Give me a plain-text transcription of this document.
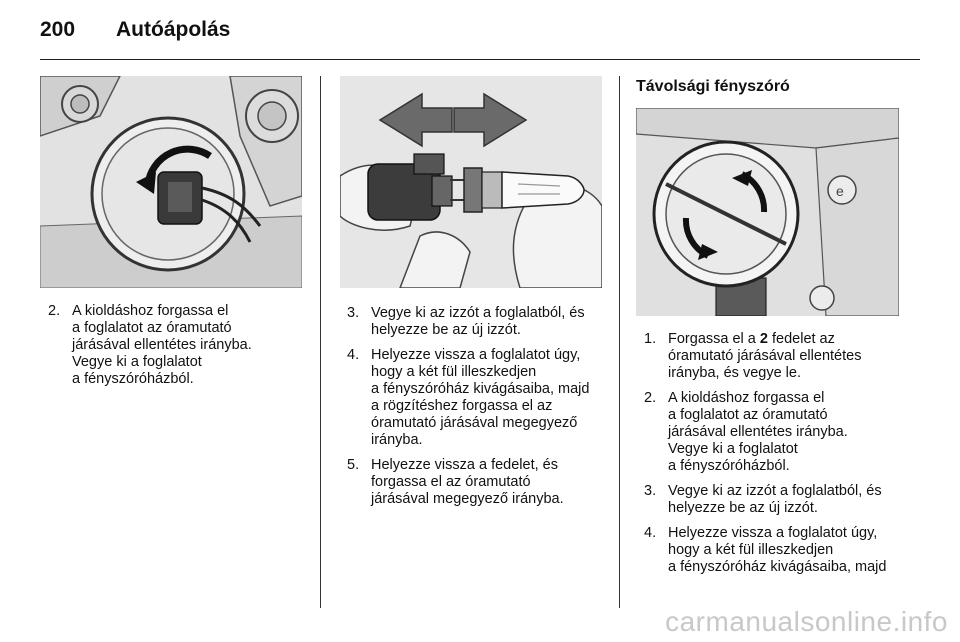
200 Autóápolás
e
2. A kioldáshoz forgassa el
a foglalatot az óramutató
járásával ellentétes irányba.
Vegye ki a foglalatot
a fényszóróházból.
3. Vegye ki az izzót a foglalatból, és
helyezze be az új izzót.
4. Helyezze vissza a foglalatot úgy,
hogy a két fül illeszkedjen
a fényszóróház kivágásaiba, majd
a rögzítéshez forgassa el az
óramutató járásával megegyező
irányba.
5. Helyezze vissza a fedelet, és
forgassa el az óramutató
járásával megegyező irányba.
Távolsági fényszóró
1. Forgassa el a 2 fedelet az
óramutató járásával ellentétes
irányba, és vegye le.
2. A kioldáshoz forgassa el
a foglalatot az óramutató
járásával ellentétes irányba.
Vegye ki a foglalatot
a fényszóróházból.
3. Vegye ki az izzót a foglalatból, és
helyezze be az új izzót.
4. Helyezze vissza a foglalatot úgy,
hogy a két fül illeszkedjen
a fényszóróház kivágásaiba, majd
carmanualsonline.info
